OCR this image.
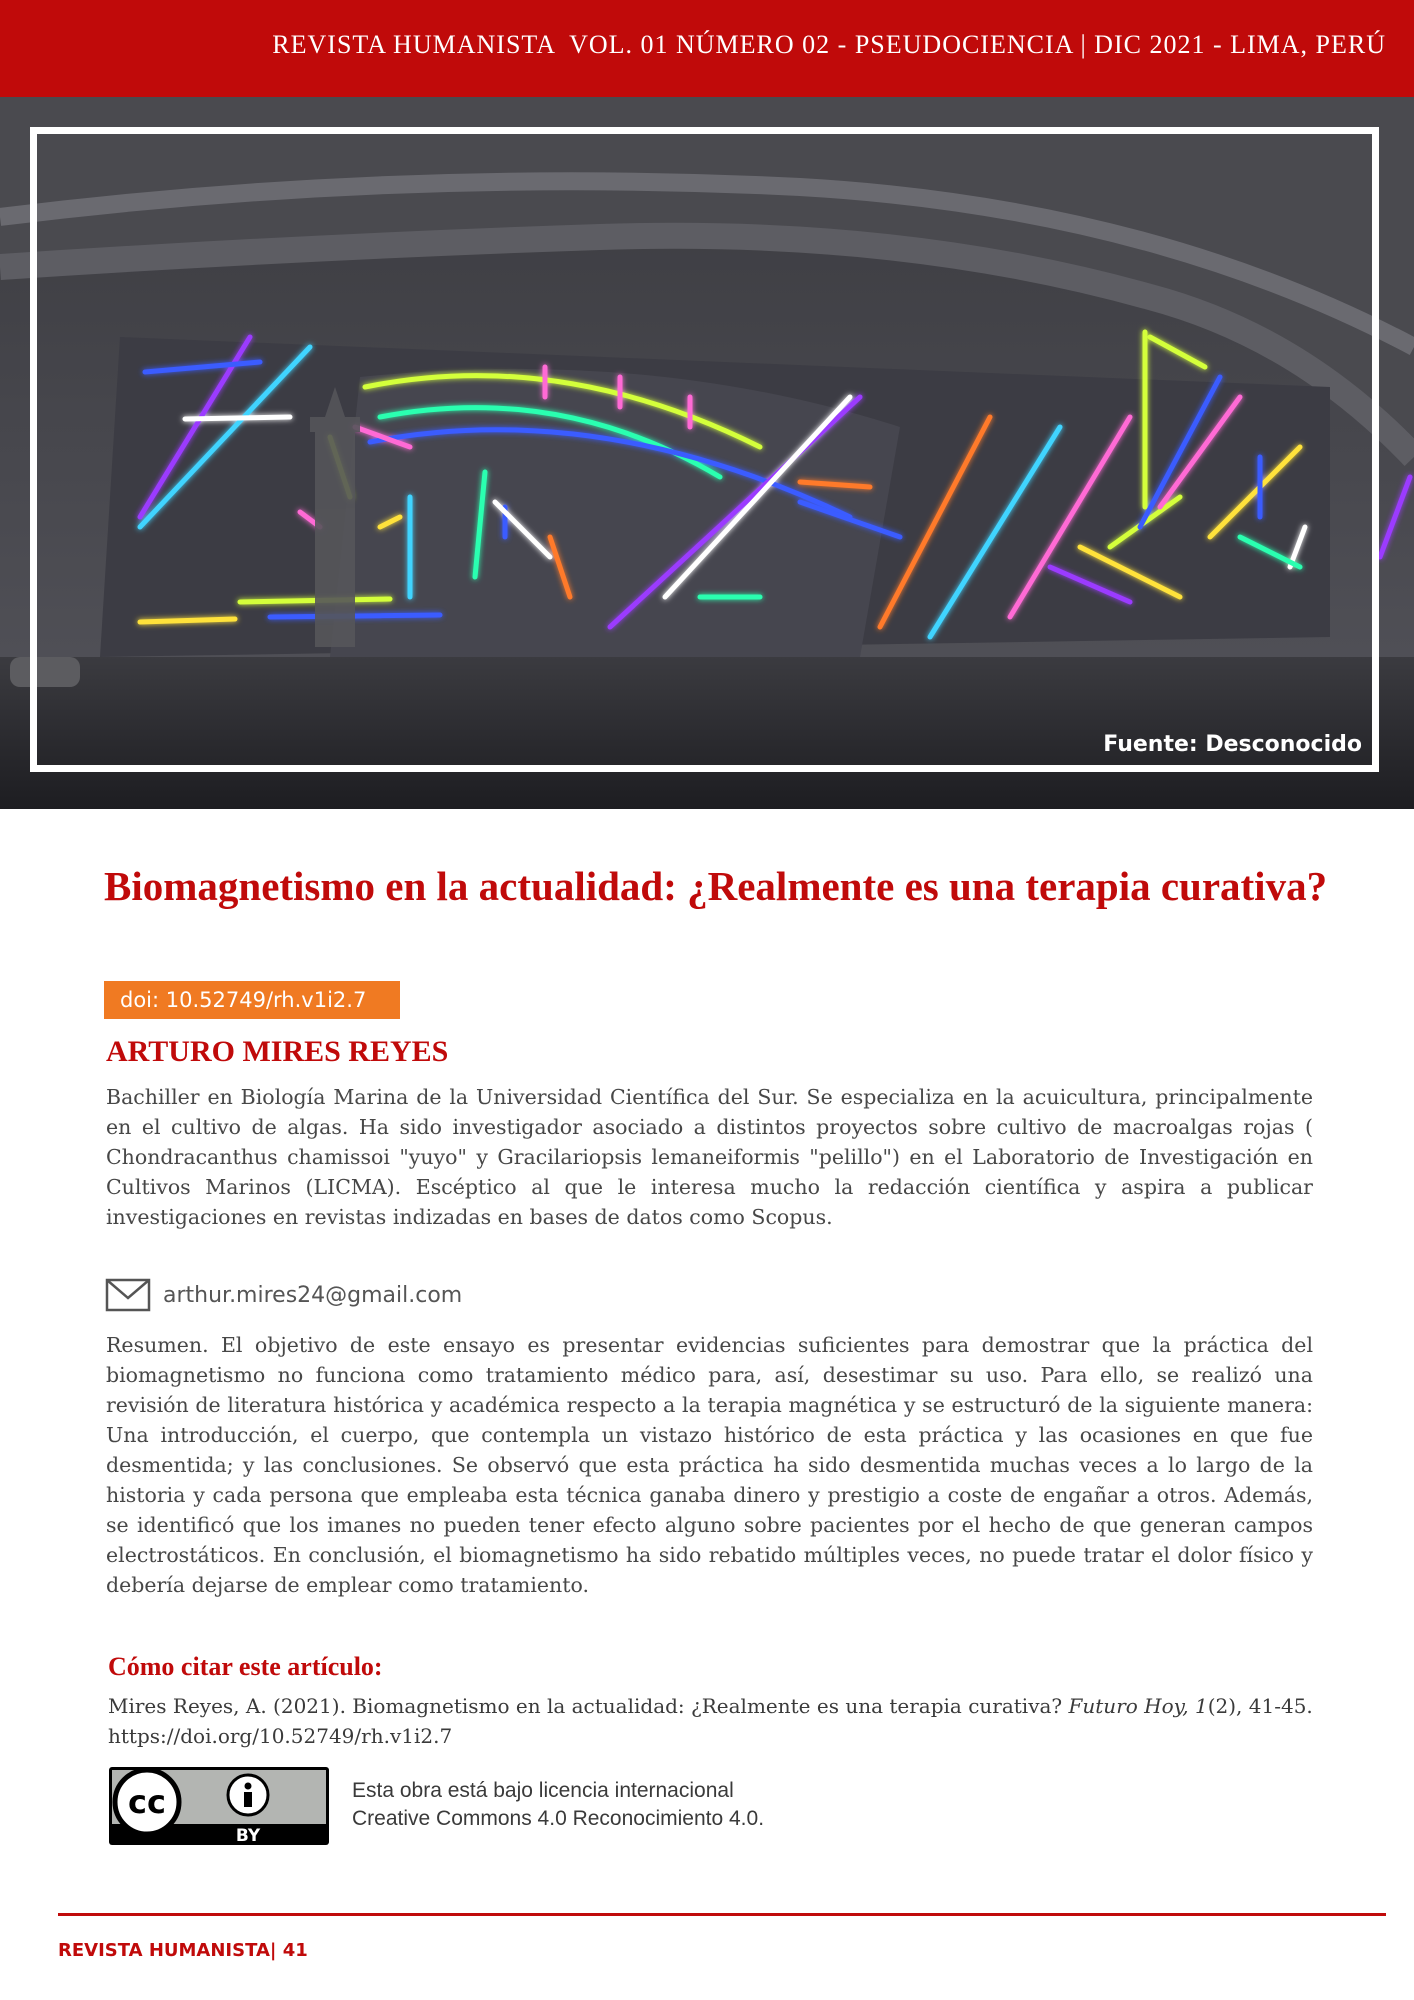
REVISTA HUMANISTA  VOL. 01 NÚMERO 02 - PSEUDOCIENCIA | DIC 2021 - LIMA, PERÚ
Fuente: Desconocido
Biomagnetismo en la actualidad: ¿Realmente es una terapia curativa?
doi: 10.52749/rh.v1i2.7
ARTURO MIRES REYES

Bachiller en Biología Marina de la Universidad Científica del Sur. Se especializa en la acuicultura, principalmente en el cultivo de algas. Ha sido investigador asociado a distintos proyectos sobre cultivo de macroalgas rojas ( Chondracanthus chamissoi "yuyo" y Gracilariopsis lemaneiformis "pelillo") en el Laboratorio de Investigación en Cultivos Marinos (LICMA). Escéptico al que le interesa mucho la redacción científica y aspira a publicar investigaciones en revistas indizadas en bases de datos como Scopus.

arthur.mires24@gmail.com

Resumen. El objetivo de este ensayo es presentar evidencias suficientes para demostrar que la práctica del biomagnetismo no funciona como tratamiento médico para, así, desestimar su uso. Para ello, se realizó una revisión de literatura histórica y académica respecto a la terapia magnética y se estructuró de la siguiente manera: Una introducción, el cuerpo, que contempla un vistazo histórico de esta práctica y las ocasiones en que fue desmentida; y las conclusiones. Se observó que esta práctica ha sido desmentida muchas veces a lo largo de la historia y cada persona que empleaba esta técnica ganaba dinero y prestigio a coste de engañar a otros. Además, se identificó que los imanes no pueden tener efecto alguno sobre pacientes por el hecho de que generan campos electrostáticos. En conclusión, el biomagnetismo ha sido rebatido múltiples veces, no puede tratar el dolor físico y debería dejarse de emplear como tratamiento.

Cómo citar este artículo:

Mires Reyes, A. (2021). Biomagnetismo en la actualidad: ¿Realmente es una terapia curativa? Futuro Hoy, 1(2), 41-45. https://doi.org/10.52749/rh.v1i2.7

cc
BY

Esta obra está bajo licencia internacional
Creative Commons 4.0 Reconocimiento 4.0.

REVISTA HUMANISTA| 41
